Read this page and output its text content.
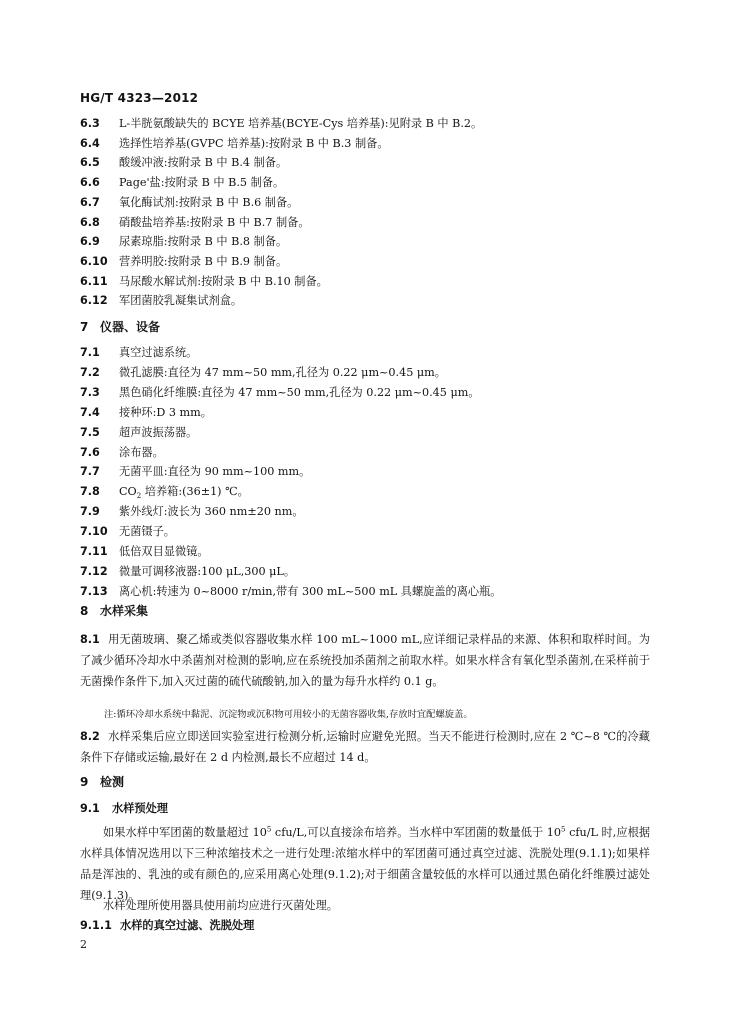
HG/T 4323—2012
6.3 L-半胱氨酸缺失的 BCYE 培养基(BCYE-Cys 培养基):见附录 B 中 B.2。
6.4 选择性培养基(GVPC 培养基):按附录 B 中 B.3 制备。
6.5 酸缓冲液:按附录 B 中 B.4 制备。
6.6 Page'盐:按附录 B 中 B.5 制备。
6.7 氧化酶试剂:按附录 B 中 B.6 制备。
6.8 硝酸盐培养基:按附录 B 中 B.7 制备。
6.9 尿素琼脂:按附录 B 中 B.8 制备。
6.10 营养明胶:按附录 B 中 B.9 制备。
6.11 马尿酸水解试剂:按附录 B 中 B.10 制备。
6.12 军团菌胶乳凝集试剂盒。
7 仪器、设备
7.1 真空过滤系统。
7.2 微孔滤膜:直径为 47 mm~50 mm,孔径为 0.22 μm~0.45 μm。
7.3 黑色硝化纤维膜:直径为 47 mm~50 mm,孔径为 0.22 μm~0.45 μm。
7.4 接种环:D 3 mm。
7.5 超声波振荡器。
7.6 涂布器。
7.7 无菌平皿:直径为 90 mm~100 mm。
7.8 $CO_2$ 培养箱:(36±1) ℃。
7.9 紫外线灯:波长为 360 nm±20 nm。
7.10 无菌镊子。
7.11 低倍双目显微镜。
7.12 微量可调移液器:100 μL,300 μL。
7.13 离心机:转速为 0~8000 r/min,带有 300 mL~500 mL 具螺旋盖的离心瓶。
8 水样采集
8.1 用无菌玻璃、聚乙烯或类似容器收集水样 100 mL~1000 mL,应详细记录样品的来源、体积和取样时间。为了减少循环冷却水中杀菌剂对检测的影响,应在系统投加杀菌剂之前取水样。如果水样含有氧化型杀菌剂,在采样前于无菌操作条件下,加入灭过菌的硫代硫酸钠,加入的量为每升水样约 0.1 g。
注:循环冷却水系统中黏泥、沉淀物或沉积物可用较小的无菌容器收集,存放时宜配螺旋盖。
8.2 水样采集后应立即送回实验室进行检测分析,运输时应避免光照。当天不能进行检测时,应在 2 ℃~8 ℃的冷藏条件下存储或运输,最好在 2 d 内检测,最长不应超过 14 d。
9 检测
9.1 水样预处理
如果水样中军团菌的数量超过 $10^5$ cfu/L,可以直接涂布培养。当水样中军团菌的数量低于 $10^5$ cfu/L 时,应根据水样具体情况选用以下三种浓缩技术之一进行处理:浓缩水样中的军团菌可通过真空过滤、洗脱处理(9.1.1);如果样品是浑浊的、乳浊的或有颜色的,应采用离心处理(9.1.2);对于细菌含量较低的水样可以通过黑色硝化纤维膜过滤处理(9.1.3)。
水样处理所使用器具使用前均应进行灭菌处理。
9.1.1 水样的真空过滤、洗脱处理
2
